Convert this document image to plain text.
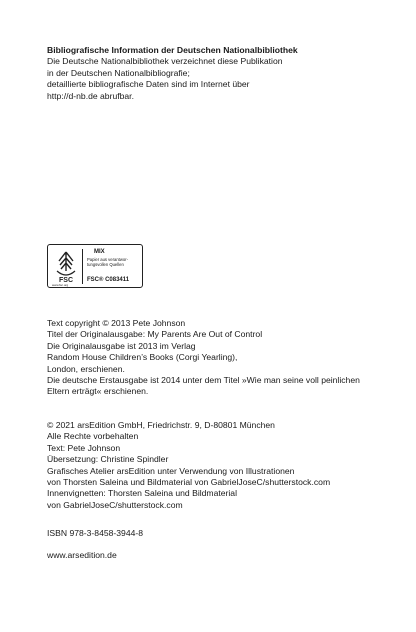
Bibliografische Information der Deutschen Nationalbibliothek
Die Deutsche Nationalbibliothek verzeichnet diese Publikation
in der Deutschen Nationalbibliografie;
detaillierte bibliografische Daten sind im Internet über
http://d-nb.de abrufbar.
FSC
MIX
Papier aus verantwor-
tungsvollen Quellen
FSC® C083411
www.fsc.org
Text copyright © 2013 Pete Johnson
Titel der Originalausgabe: My Parents Are Out of Control
Die Originalausgabe ist 2013 im Verlag
Random House Children’s Books (Corgi Yearling),
London, erschienen.
Die deutsche Erstausgabe ist 2014 unter dem Titel »Wie man seine voll peinlichen
Eltern erträgt« erschienen.
© 2021 arsEdition GmbH, Friedrichstr. 9, D-80801 München
Alle Rechte vorbehalten
Text: Pete Johnson
Übersetzung: Christine Spindler
Grafisches Atelier arsEdition unter Verwendung von Illustrationen
von Thorsten Saleina und Bildmaterial von GabrielJoseC/shutterstock.com
Innenvignetten: Thorsten Saleina und Bildmaterial
von GabrielJoseC/shutterstock.com
ISBN 978-3-8458-3944-8
www.arsedition.de
